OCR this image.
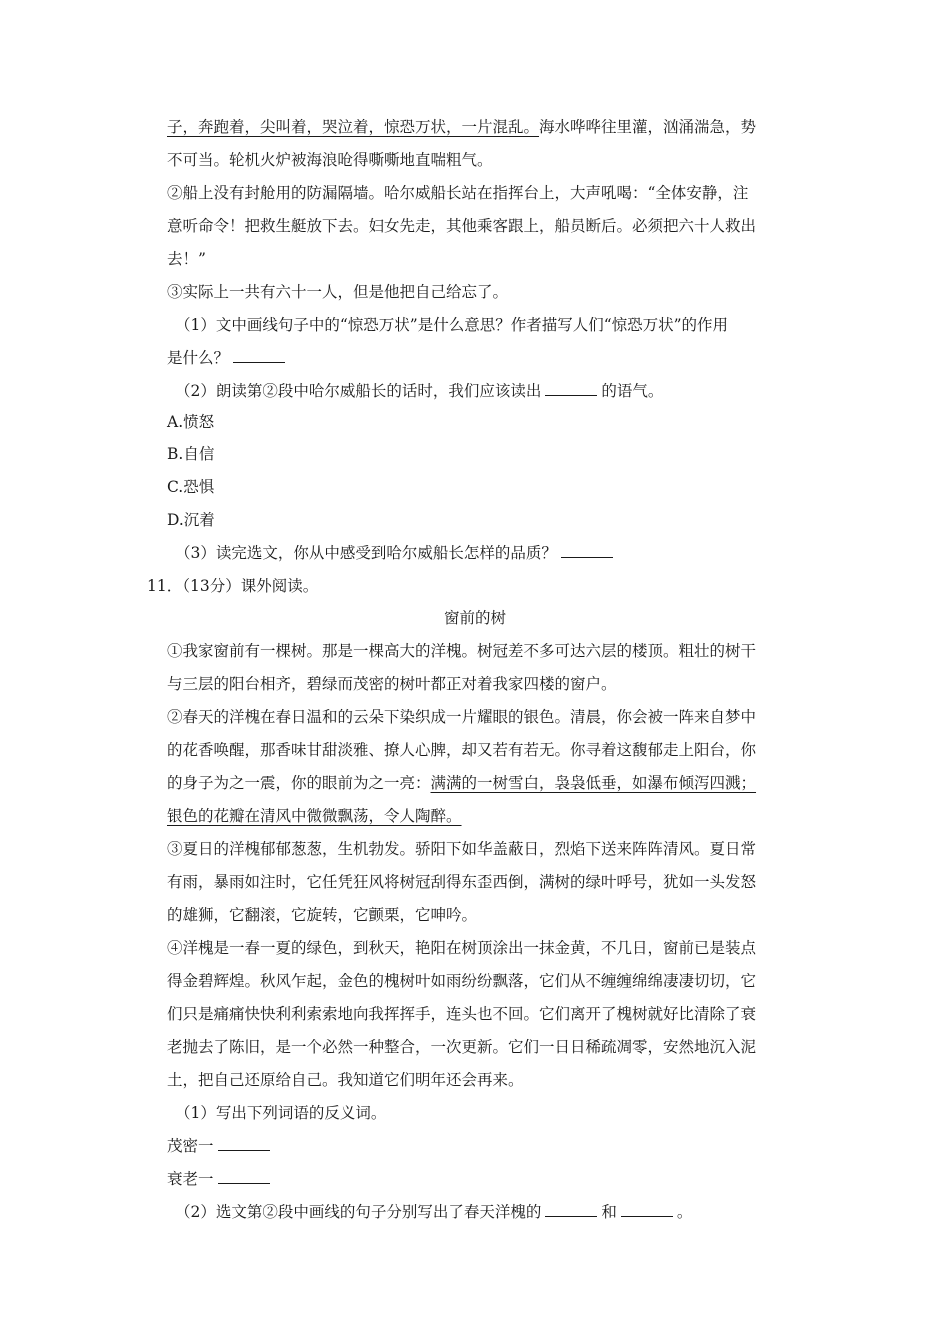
子，奔跑着，尖叫着，哭泣着，惊恐万状，一片混乱。海水哗哗往里灌，汹涌湍急，势
不可当。轮机火炉被海浪呛得嘶嘶地直喘粗气。
②船上没有封舱用的防漏隔墙。哈尔威船长站在指挥台上，大声吼喝：“全体安静，注
意听命令！把救生艇放下去。妇女先走，其他乘客跟上，船员断后。必须把六十人救出
去！”
③实际上一共有六十一人，但是他把自己给忘了。
（1）文中画线句子中的“惊恐万状”是什么意思？作者描写人们“惊恐万状”的作用
是什么？
（2）朗读第②段中哈尔威船长的话时，我们应该读出	的语气。
A.愤怒
B.自信
C.恐惧
D.沉着
（3）读完选文，你从中感受到哈尔威船长怎样的品质？
11．（13分）课外阅读。
窗前的树
①我家窗前有一棵树。那是一棵高大的洋槐。树冠差不多可达六层的楼顶。粗壮的树干
与三层的阳台相齐，碧绿而茂密的树叶都正对着我家四楼的窗户。
②春天的洋槐在春日温和的云朵下染织成一片耀眼的银色。清晨，你会被一阵来自梦中
的花香唤醒，那香味甘甜淡雅、撩人心脾，却又若有若无。你寻着这馥郁走上阳台，你
的身子为之一震，你的眼前为之一亮：满满的一树雪白，袅袅低垂，如瀑布倾泻四溅；
银色的花瓣在清风中微微飘荡，令人陶醉。
③夏日的洋槐郁郁葱葱，生机勃发。骄阳下如华盖蔽日，烈焰下送来阵阵清风。夏日常
有雨，暴雨如注时，它任凭狂风将树冠刮得东歪西倒，满树的绿叶呼号，犹如一头发怒
的雄狮，它翻滚，它旋转，它颤栗，它呻吟。
④洋槐是一春一夏的绿色，到秋天，艳阳在树顶涂出一抹金黄，不几日，窗前已是装点
得金碧辉煌。秋风乍起，金色的槐树叶如雨纷纷飘落，它们从不缠缠绵绵凄凄切切，它
们只是痛痛快快利利索索地向我挥挥手，连头也不回。它们离开了槐树就好比清除了衰
老抛去了陈旧，是一个必然一种整合，一次更新。它们一日日稀疏凋零，安然地沉入泥
土，把自己还原给自己。我知道它们明年还会再来。
（1）写出下列词语的反义词。
茂密一
衰老一
（2）选文第②段中画线的句子分别写出了春天洋槐的	和	。
